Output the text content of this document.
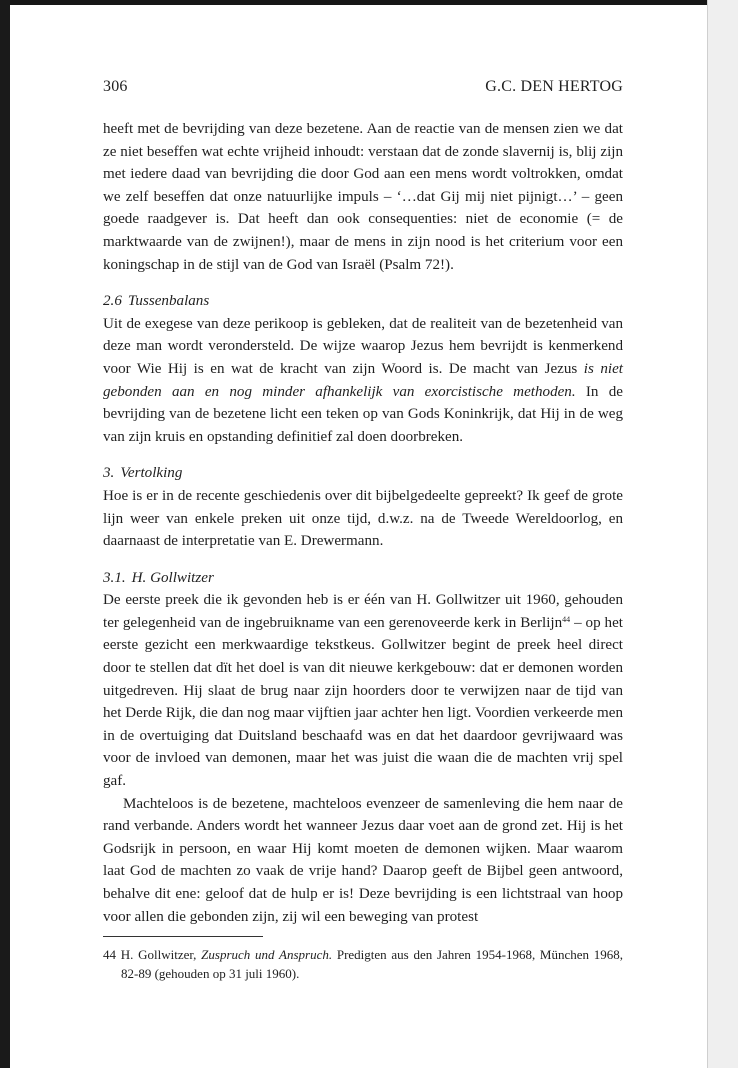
306	G.C. DEN HERTOG

heeft met de bevrijding van deze bezetene. Aan de reactie van de mensen zien we dat ze niet beseffen wat echte vrijheid inhoudt: verstaan dat de zonde slavernij is, blij zijn met iedere daad van bevrijding die door God aan een mens wordt voltrokken, omdat we zelf beseffen dat onze natuurlijke impuls – ‘…dat Gij mij niet pijnigt…’ – geen goede raadgever is. Dat heeft dan ook consequenties: niet de economie (= de marktwaarde van de zwijnen!), maar de mens in zijn nood is het criterium voor een koningschap in de stijl van de God van Israël (Psalm 72!).

2.6 Tussenbalans

Uit de exegese van deze perikoop is gebleken, dat de realiteit van de bezetenheid van deze man wordt verondersteld. De wijze waarop Jezus hem bevrijdt is kenmerkend voor Wie Hij is en wat de kracht van zijn Woord is. De macht van Jezus is niet gebonden aan en nog minder afhankelijk van exorcistische methoden. In de bevrijding van de bezetene licht een teken op van Gods Koninkrijk, dat Hij in de weg van zijn kruis en opstanding definitief zal doen doorbreken.

3. Vertolking

Hoe is er in de recente geschiedenis over dit bijbelgedeelte gepreekt? Ik geef de grote lijn weer van enkele preken uit onze tijd, d.w.z. na de Tweede Wereldoorlog, en daarnaast de interpretatie van E. Drewermann.

3.1. H. Gollwitzer

De eerste preek die ik gevonden heb is er één van H. Gollwitzer uit 1960, gehouden ter gelegenheid van de ingebruikname van een gerenoveerde kerk in Berlijn$^{44}$ – op het eerste gezicht een merkwaardige tekstkeus. Gollwitzer begint de preek heel direct door te stellen dat dït het doel is van dit nieuwe kerkgebouw: dat er demonen worden uitgedreven. Hij slaat de brug naar zijn hoorders door te verwijzen naar de tijd van het Derde Rijk, die dan nog maar vijftien jaar achter hen ligt. Voordien verkeerde men in de overtuiging dat Duitsland beschaafd was en dat het daardoor gevrijwaard was voor de invloed van demonen, maar het was juist die waan die de machten vrij spel gaf.

Machteloos is de bezetene, machteloos evenzeer de samenleving die hem naar de rand verbande. Anders wordt het wanneer Jezus daar voet aan de grond zet. Hij is het Godsrijk in persoon, en waar Hij komt moeten de demonen wijken. Maar waarom laat God de machten zo vaak de vrije hand? Daarop geeft de Bijbel geen antwoord, behalve dit ene: geloof dat de hulp er is! Deze bevrijding is een lichtstraal van hoop voor allen die gebonden zijn, zij wil een beweging van protest

44 H. Gollwitzer, Zuspruch und Anspruch. Predigten aus den Jahren 1954-1968, München 1968, 82-89 (gehouden op 31 juli 1960).
